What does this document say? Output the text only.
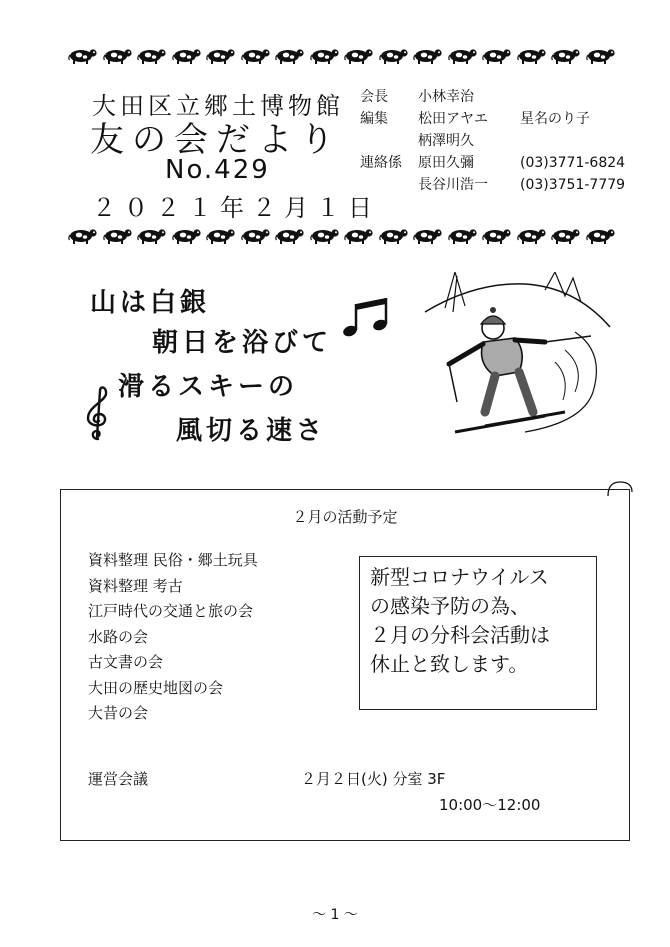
大田区立郷土博物館
友の会だより
No.429
２０２１年２月１日
会長	小林幸治
編集	松田アヤエ	星名のり子
柄澤明久
連絡係	原田久彌	(03)3771-6824
長谷川浩一	(03)3751-7779
山は白銀
朝日を浴びて
滑るスキーの
風切る速さ
２月の活動予定
資料整理 民俗・郷土玩具
資料整理 考古
江戸時代の交通と旅の会
水路の会
古文書の会
大田の歴史地図の会
大昔の会
新型コロナウイルス
の感染予防の為、
２月の分科会活動は
休止と致します。
運営会議	２月２日(火) 分室 3F
10:00～12:00
～ 1 ～
